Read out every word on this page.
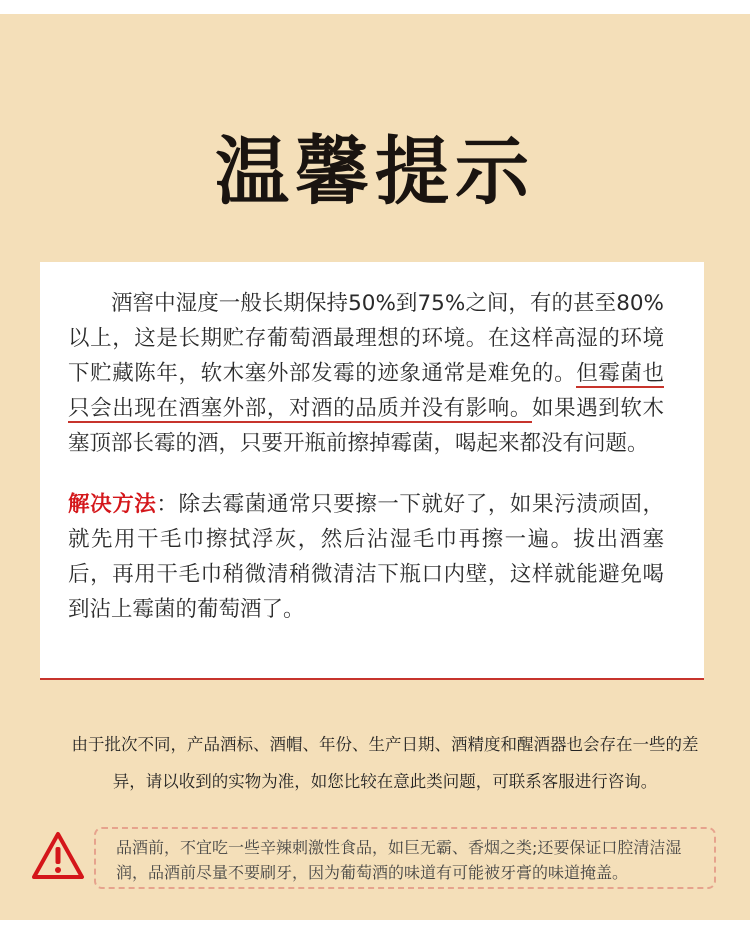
温馨提示

酒窖中湿度一般长期保持50%到75%之间，有的甚至80%以上，这是长期贮存葡萄酒最理想的环境。在这样高湿的环境下贮藏陈年，软木塞外部发霉的迹象通常是难免的。但霉菌也只会出现在酒塞外部，对酒的品质并没有影响。如果遇到软木塞顶部长霉的酒，只要开瓶前擦掉霉菌，喝起来都没有问题。

解决方法：除去霉菌通常只要擦一下就好了，如果污渍顽固，就先用干毛巾擦拭浮灰，然后沾湿毛巾再擦一遍。拔出酒塞后，再用干毛巾稍微清稍微清洁下瓶口内壁，这样就能避免喝到沾上霉菌的葡萄酒了。

由于批次不同，产品酒标、酒帽、年份、生产日期、酒精度和醒酒器也会存在一些的差异，请以收到的实物为准，如您比较在意此类问题，可联系客服进行咨询。
品酒前，不宜吃一些辛辣刺激性食品，如巨无霸、香烟之类;还要保证口腔清洁湿润，品酒前尽量不要刷牙，因为葡萄酒的味道有可能被牙膏的味道掩盖。
